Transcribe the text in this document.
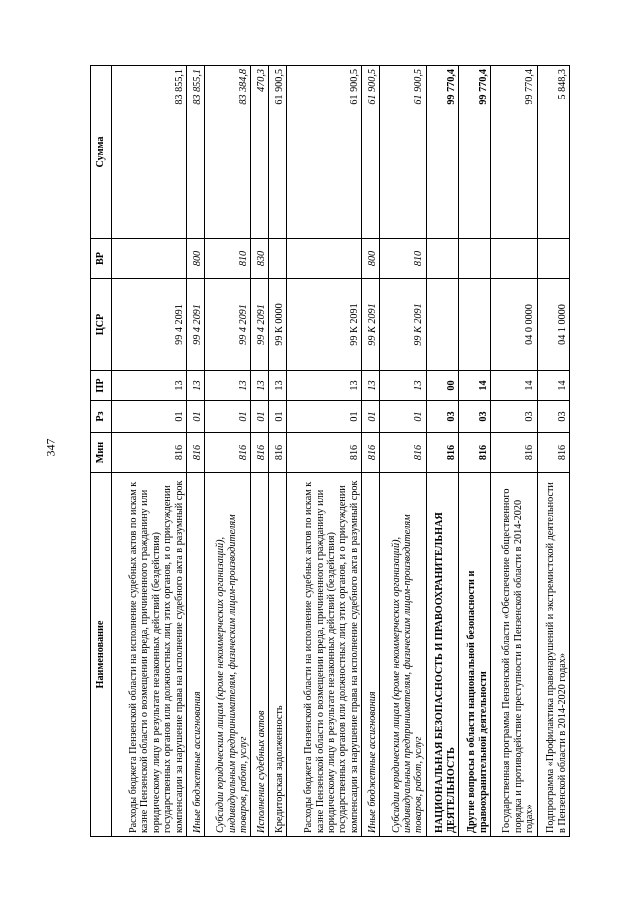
347
Наименование	Мин	Рз	ПР	ЦСР	ВР	Сумма
Расходы бюджета Пензенской области на исполнение судебных актов по искам к казне Пензенской области о возмещении вреда, причиненного гражданину или юридическому лицу в результате незаконных действий (бездействия) государственных органов или должностных лиц этих органов, и о присуждении компенсации за нарушение права на исполнение судебного акта в разумный срок	816	01	13	99 4 2091		83 855,1
Иные бюджетные ассигнования	816	01	13	99 4 2091	800	83 855,1
Субсидии юридическим лицам (кроме некоммерческих организаций), индивидуальным предпринимателям, физическим лицам-производителям товаров, работ, услуг	816	01	13	99 4 2091	810	83 384,8
Исполнение судебных актов	816	01	13	99 4 2091	830	470,3
Кредиторская задолженность	816	01	13	99 К 0000		61 900,5
Расходы бюджета Пензенской области на исполнение судебных актов по искам к казне Пензенской области о возмещении вреда, причиненного гражданину или юридическому лицу в результате незаконных действий (бездействия) государственных органов или должностных лиц этих органов, и о присуждении компенсации за нарушение права на исполнение судебного акта в разумный срок	816	01	13	99 К 2091		61 900,5
Иные бюджетные ассигнования	816	01	13	99 К 2091	800	61 900,5
Субсидии юридическим лицам (кроме некоммерческих организаций), индивидуальным предпринимателям, физическим лицам-производителям товаров, работ, услуг	816	01	13	99 К 2091	810	61 900,5
НАЦИОНАЛЬНАЯ БЕЗОПАСНОСТЬ И ПРАВООХРАНИТЕЛЬНАЯ ДЕЯТЕЛЬНОСТЬ	816	03	00			99 770,4
Другие вопросы в области национальной безопасности и правоохранительной деятельности	816	03	14			99 770,4
Государственная программа Пензенской области «Обеспечение общественного порядка и противодействие преступности в Пензенской области в 2014-2020 годах»	816	03	14	04 0 0000		99 770,4
Подпрограмма «Профилактика правонарушений и экстремистской деятельности в Пензенской области в 2014-2020 годах»	816	03	14	04 1 0000		5 848,3
